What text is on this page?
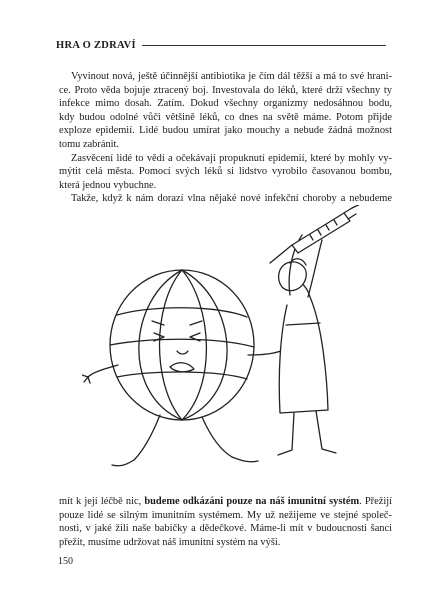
HRA O ZDRAVÍ
Vyvinout nová, ještě účinnější antibiotika je čím dál těžší a má to své hrani-
ce. Proto věda bojuje ztracený boj. Investovala do léků, které drží všechny ty
infekce mimo dosah. Zatím. Dokud všechny organizmy nedosáhnou bodu,
kdy budou odolné vůči většině léků, co dnes na světě máme. Potom přijde
exploze epidemií. Lidé budou umírat jako mouchy a nebude žádná možnost
tomu zabránit.
Zasvěcení lidé to vědí a očekávají propuknutí epidemií, které by mohly vy-
mýtit celá města. Pomocí svých léků si lidstvo vyrobilo časovanou bombu,
která jednou vybuchne.
Takže, když k nám dorazí vlna nějaké nové infekční choroby a nebudeme
mít k její léčbě nic, budeme odkázáni pouze na náš imunitní systém. Přežijí
pouze lidé se silným imunitním systémem. My už nežijeme ve stejné společ-
nosti, v jaké žili naše babičky a dědečkové. Máme-li mít v budoucnosti šanci
přežít, musíme udržovat náš imunitní systém na výši.
150
